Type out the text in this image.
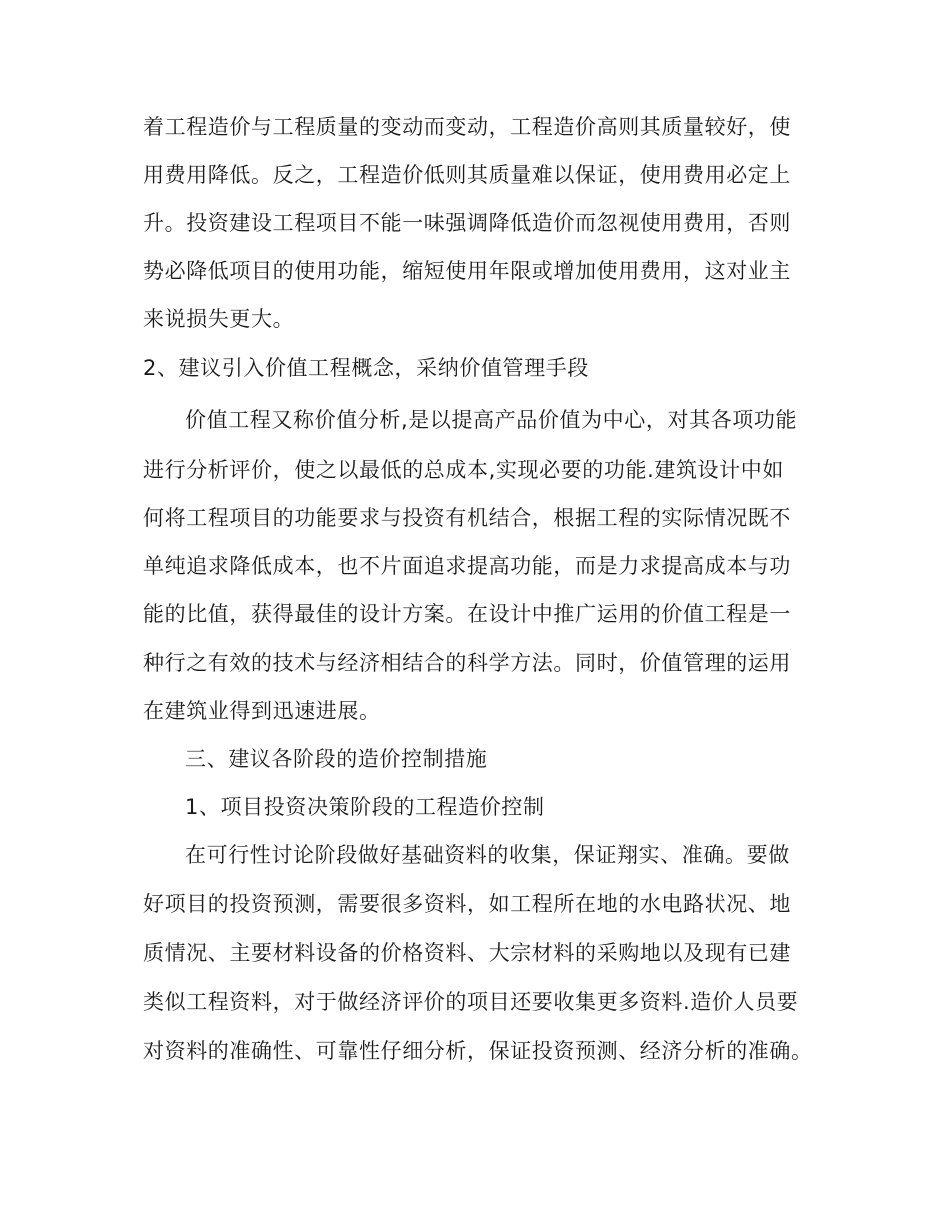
着工程造价与工程质量的变动而变动，工程造价高则其质量较好，使
用费用降低。反之，工程造价低则其质量难以保证，使用费用必定上
升。投资建设工程项目不能一味强调降低造价而忽视使用费用，否则
势必降低项目的使用功能，缩短使用年限或增加使用费用，这对业主
来说损失更大。
2、建议引入价值工程概念，采纳价值管理手段
价值工程又称价值分析,是以提高产品价值为中心，对其各项功能
进行分析评价，使之以最低的总成本,实现必要的功能.建筑设计中如
何将工程项目的功能要求与投资有机结合，根据工程的实际情况既不
单纯追求降低成本，也不片面追求提高功能，而是力求提高成本与功
能的比值，获得最佳的设计方案。在设计中推广运用的价值工程是一
种行之有效的技术与经济相结合的科学方法。同时，价值管理的运用
在建筑业得到迅速进展。
三、建议各阶段的造价控制措施
1、项目投资决策阶段的工程造价控制
在可行性讨论阶段做好基础资料的收集，保证翔实、准确。要做
好项目的投资预测，需要很多资料，如工程所在地的水电路状况、地
质情况、主要材料设备的价格资料、大宗材料的采购地以及现有已建
类似工程资料，对于做经济评价的项目还要收集更多资料.造价人员要
对资料的准确性、可靠性仔细分析，保证投资预测、经济分析的准确。
